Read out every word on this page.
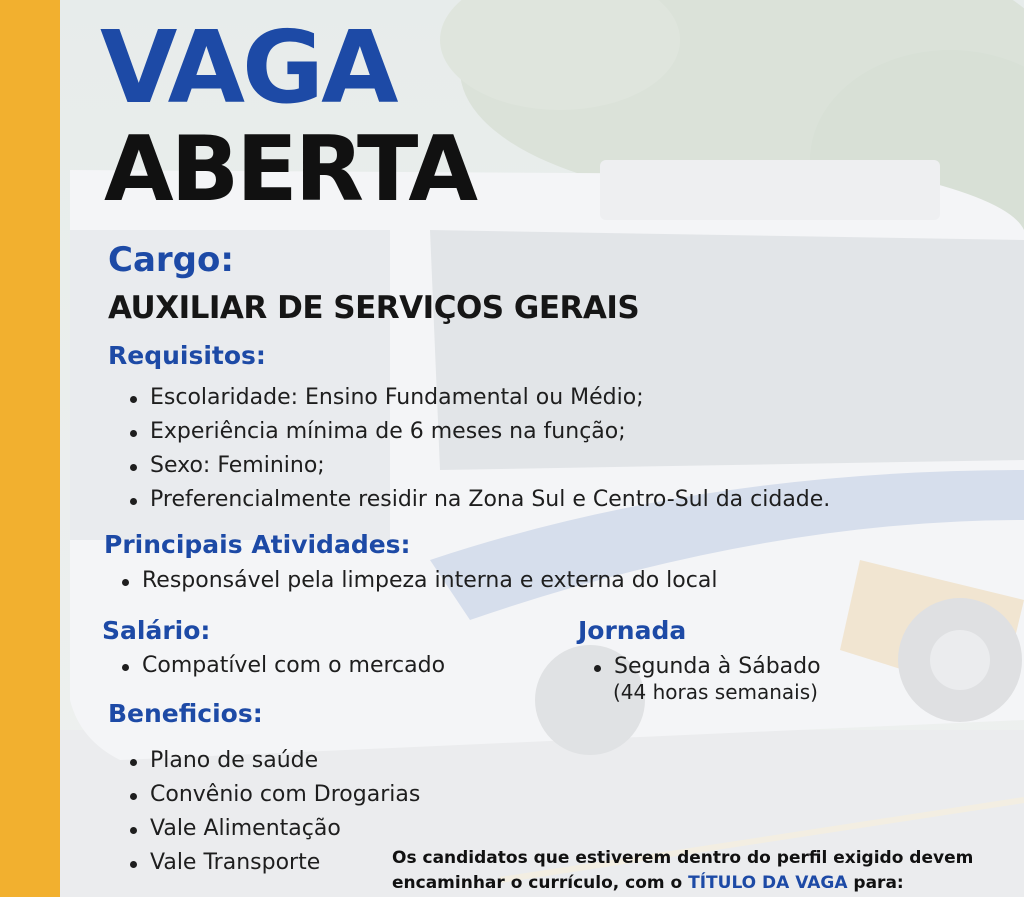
VAGA
ABERTA
Cargo:
AUXILIAR DE SERVIÇOS GERAIS
Requisitos:
Escolaridade: Ensino Fundamental ou Médio;
Experiência mínima de 6 meses na função;
Sexo: Feminino;
Preferencialmente residir na Zona Sul e Centro-Sul da cidade.
Principais Atividades:
Responsável pela limpeza interna e externa do local
Salário:
Compatível com o mercado
Jornada
Segunda à Sábado
(44 horas semanais)
Beneficios:
Plano de saúde
Convênio com Drogarias
Vale Alimentação
Vale Transporte	Os candidatos que estiverem dentro do perfil exigido devem
encaminhar o currículo, com o TÍTULO DA VAGA para:
